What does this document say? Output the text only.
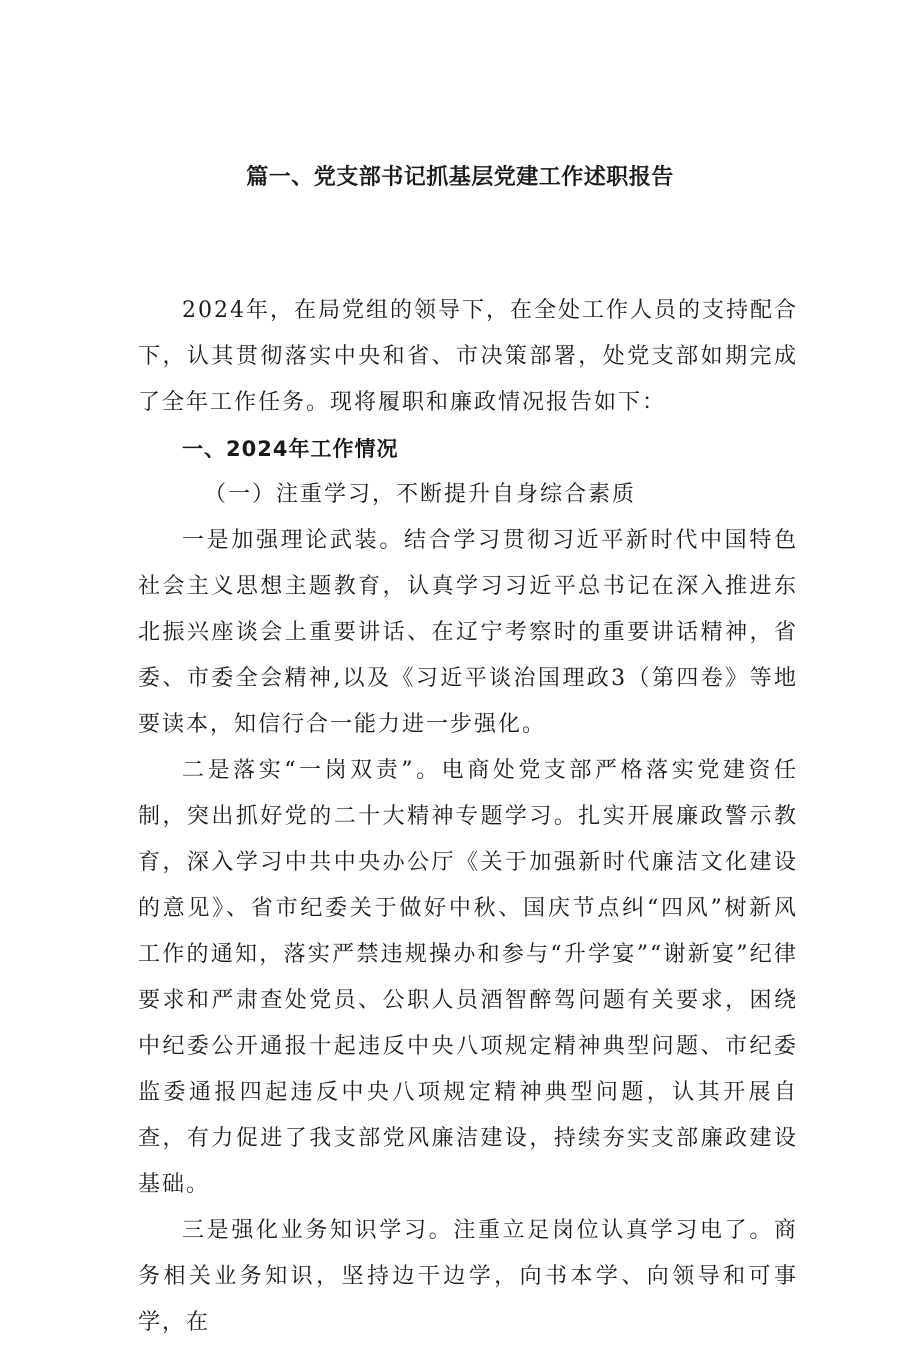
篇一、党支部书记抓基层党建工作述职报告

2024年，在局党组的领导下，在全处工作人员的支持配合下，认其贯彻落实中央和省、市决策部署，处党支部如期完成了全年工作任务。现将履职和廉政情况报告如下：

一、2024年工作情况

（一）注重学习，不断提升自身综合素质

一是加强理论武装。结合学习贯彻习近平新时代中国特色社会主义思想主题教育，认真学习习近平总书记在深入推进东北振兴座谈会上重要讲话、在辽宁考察时的重要讲话精神，省委、市委全会精神,以及《习近平谈治国理政3（第四卷》等地要读本，知信行合一能力进一步强化。

二是落实“一岗双责”。电商处党支部严格落实党建资任制，突出抓好党的二十大精神专题学习。扎实开展廉政警示教育，深入学习中共中央办公厅《关于加强新时代廉洁文化建设的意见》、省市纪委关于做好中秋、国庆节点纠“四风”树新风工作的通知，落实严禁违规操办和参与“升学宴”“谢新宴”纪律要求和严肃查处党员、公职人员酒智醉驾问题有关要求，困绕中纪委公开通报十起违反中央八项规定精神典型问题、市纪委监委通报四起违反中央八项规定精神典型问题，认其开展自查，有力促进了我支部党风廉洁建设，持续夯实支部廉政建设基础。

三是强化业务知识学习。注重立足岗位认真学习电了。商务相关业务知识，坚持边干边学，向书本学、向领导和可事学，在
